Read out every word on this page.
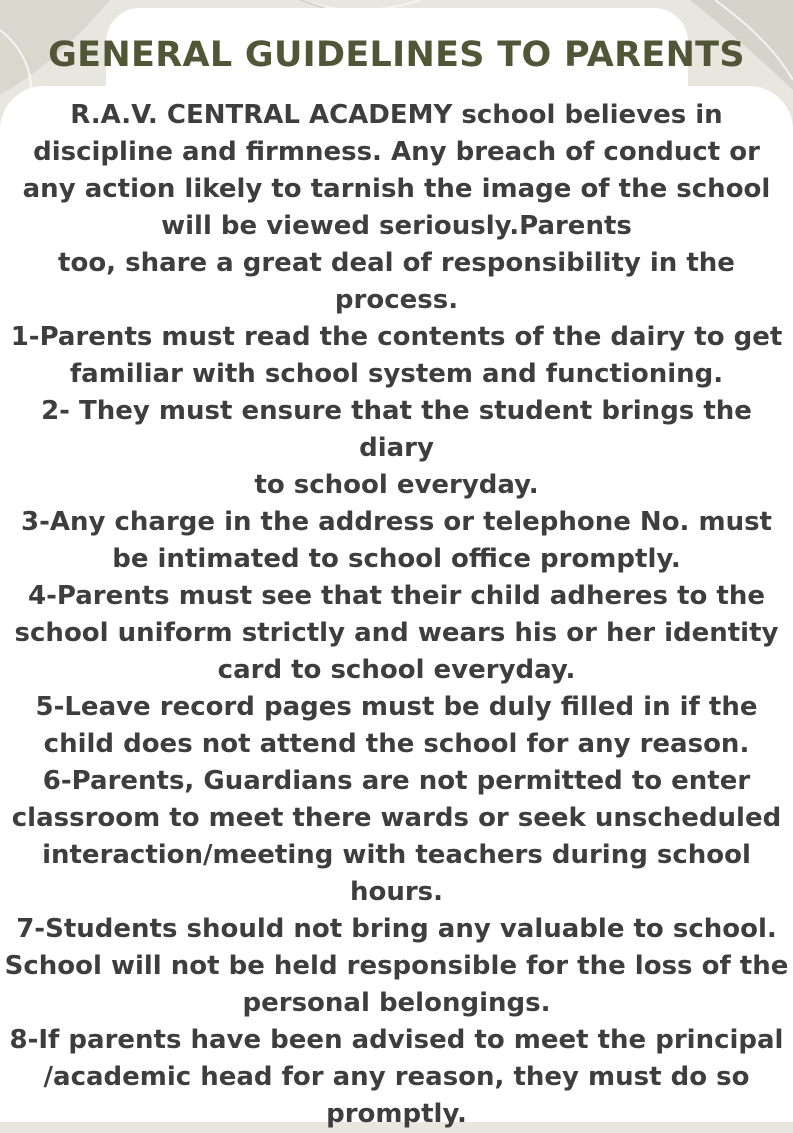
GENERAL GUIDELINES TO PARENTS

R.A.V. CENTRAL ACADEMY school believes in

discipline and firmness. Any breach of conduct or

any action likely to tarnish the image of the school

will be viewed seriously.Parents

too, share a great deal of responsibility in the

process.

1-Parents must read the contents of the dairy to get

familiar with school system and functioning.

2- They must ensure that the student brings the diary

to school everyday.

3-Any charge in the address or telephone No. must

be intimated to school office promptly.

4-Parents must see that their child adheres to the

school uniform strictly and wears his or her identity

card to school everyday.

5-Leave record pages must be duly filled in if the

child does not attend the school for any reason.

6-Parents, Guardians are not permitted to enter

classroom to meet there wards or seek unscheduled

interaction/meeting with teachers during school

hours.

7-Students should not bring any valuable to school.

School will not be held responsible for the loss of the

personal belongings.

8-If parents have been advised to meet the principal

/academic head for any reason, they must do so

promptly.
